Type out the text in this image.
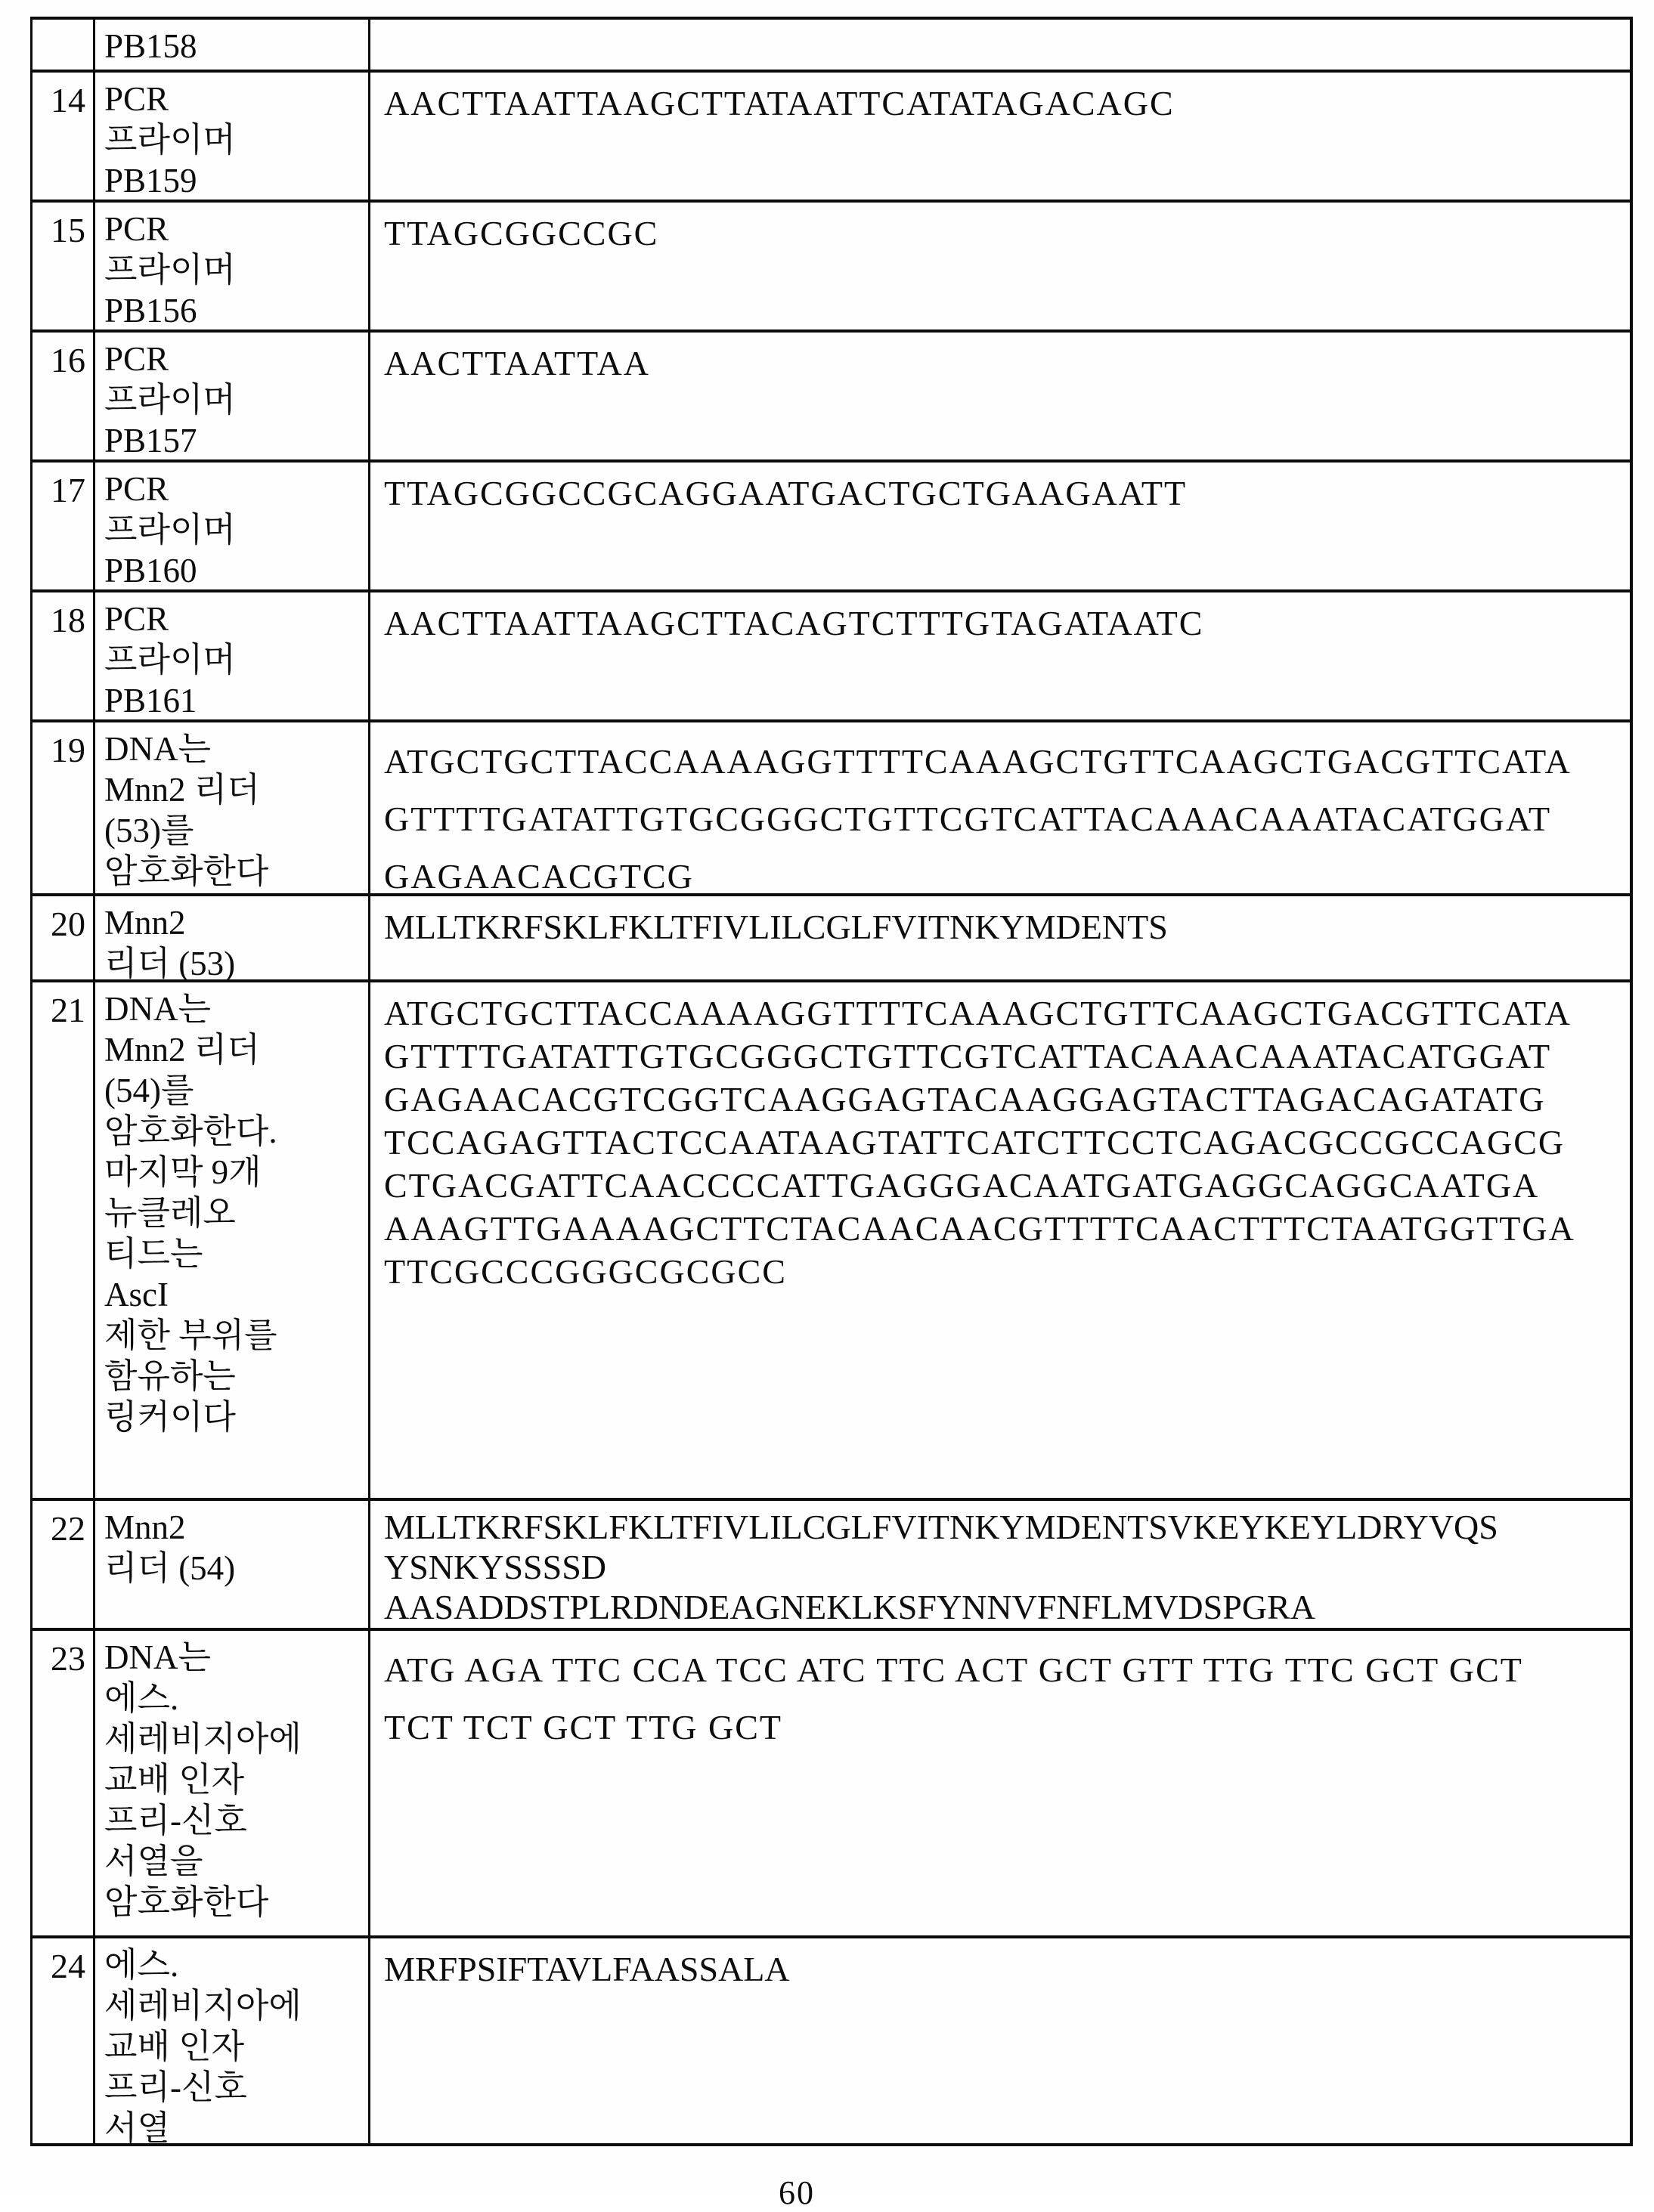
PB158
14 PCR
프라이머
PB159
AACTTAATTAAGCTTATAATTCATATAGACAGC
15 PCR
프라이머
PB156
TTAGCGGCCGC
16 PCR
프라이머
PB157
AACTTAATTAA
17 PCR
프라이머
PB160
TTAGCGGCCGCAGGAATGACTGCTGAAGAATT
18 PCR
프라이머
PB161
AACTTAATTAAGCTTACAGTCTTTGTAGATAATC
19 DNA는
Mnn2 리더
(53)를
암호화한다
ATGCTGCTTACCAAAAGGTTTTCAAAGCTGTTCAAGCTGACGTTCATA
GTTTTGATATTGTGCGGGCTGTTCGTCATTACAAACAAATACATGGAT
GAGAACACGTCG
20 Mnn2
리더 (53)
MLLTKRFSKLFKLTFIVLILCGLFVITNKYMDENTS
21 DNA는
Mnn2 리더
(54)를
암호화한다.
마지막 9개
뉴클레오
티드는
AscI
제한 부위를
함유하는
링커이다
ATGCTGCTTACCAAAAGGTTTTCAAAGCTGTTCAAGCTGACGTTCATA
GTTTTGATATTGTGCGGGCTGTTCGTCATTACAAACAAATACATGGAT
GAGAACACGTCGGTCAAGGAGTACAAGGAGTACTTAGACAGATATG
TCCAGAGTTACTCCAATAAGTATTCATCTTCCTCAGACGCCGCCAGCG
CTGACGATTCAACCCCATTGAGGGACAATGATGAGGCAGGCAATGA
AAAGTTGAAAAGCTTCTACAACAACGTTTTCAACTTTCTAATGGTTGA
TTCGCCCGGGCGCGCC
22 Mnn2
리더 (54)
MLLTKRFSKLFKLTFIVLILCGLFVITNKYMDENTSVKEYKEYLDRYVQS
YSNKYSSSSD
AASADDSTPLRDNDEAGNEKLKSFYNNVFNFLMVDSPGRA
23 DNA는
에스.
세레비지아에
교배 인자
프리-신호
서열을
암호화한다
ATG AGA TTC CCA TCC ATC TTC ACT GCT GTT TTG TTC GCT GCT
TCT TCT GCT TTG GCT
24 에스.
세레비지아에
교배 인자
프리-신호
서열
MRFPSIFTAVLFAASSALA
60
